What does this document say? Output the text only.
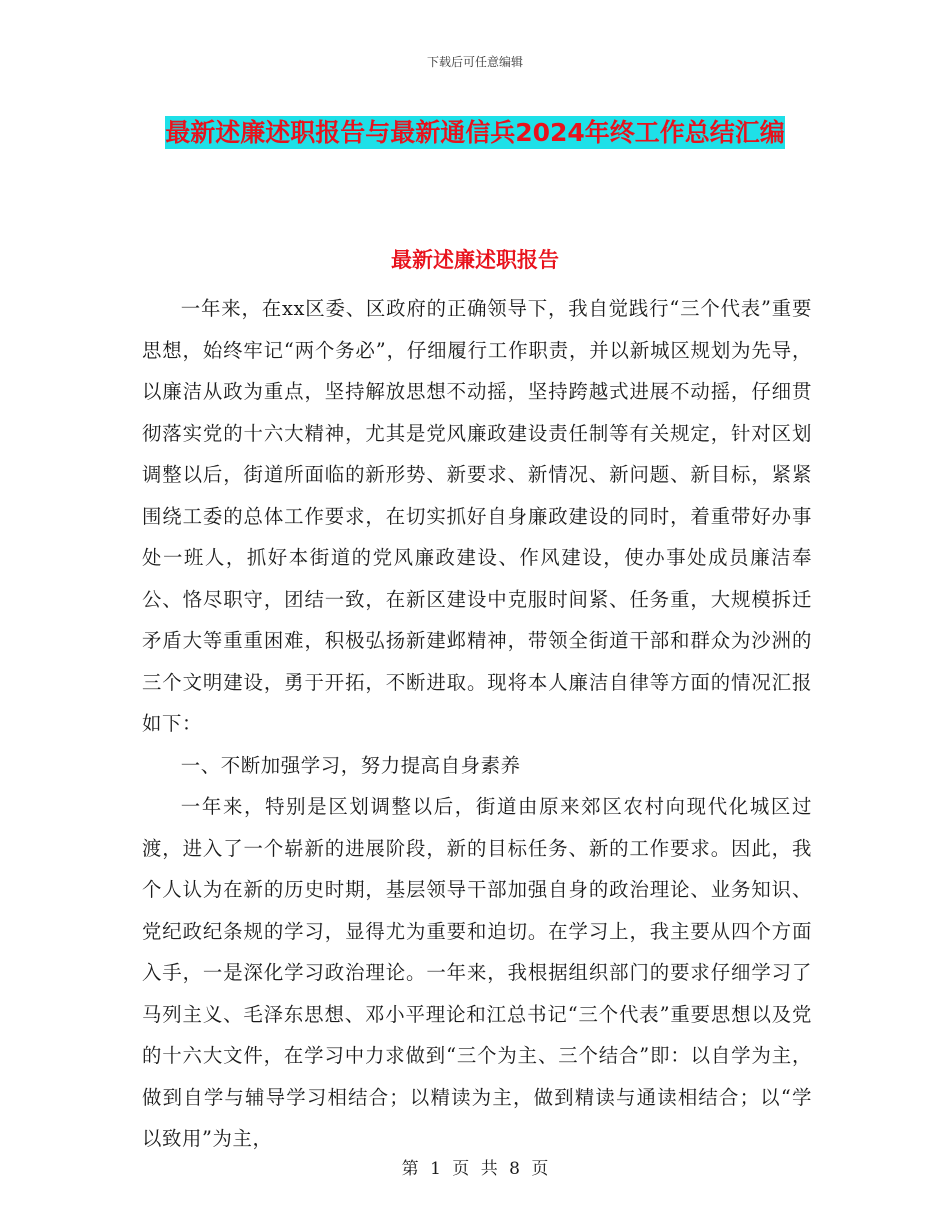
下载后可任意编辑
最新述廉述职报告与最新通信兵2024年终工作总结汇编
最新述廉述职报告

一年来，在xx区委、区政府的正确领导下，我自觉践行“三个代表”重要思想，始终牢记“两个务必”，仔细履行工作职责，并以新城区规划为先导，以廉洁从政为重点，坚持解放思想不动摇，坚持跨越式进展不动摇，仔细贯彻落实党的十六大精神，尤其是党风廉政建设责任制等有关规定，针对区划调整以后，街道所面临的新形势、新要求、新情况、新问题、新目标，紧紧围绕工委的总体工作要求，在切实抓好自身廉政建设的同时，着重带好办事处一班人，抓好本街道的党风廉政建设、作风建设，使办事处成员廉洁奉公、恪尽职守，团结一致，在新区建设中克服时间紧、任务重，大规模拆迁矛盾大等重重困难，积极弘扬新建邺精神，带领全街道干部和群众为沙洲的三个文明建设，勇于开拓，不断进取。现将本人廉洁自律等方面的情况汇报如下：

一、不断加强学习，努力提高自身素养

一年来，特别是区划调整以后，街道由原来郊区农村向现代化城区过渡，进入了一个崭新的进展阶段，新的目标任务、新的工作要求。因此，我个人认为在新的历史时期，基层领导干部加强自身的政治理论、业务知识、党纪政纪条规的学习，显得尤为重要和迫切。在学习上，我主要从四个方面入手，一是深化学习政治理论。一年来，我根据组织部门的要求仔细学习了马列主义、毛泽东思想、邓小平理论和江总书记“三个代表”重要思想以及党的十六大文件，在学习中力求做到“三个为主、三个结合”即：以自学为主，做到自学与辅导学习相结合；以精读为主，做到精读与通读相结合；以“学以致用”为主，

第 1 页 共 8 页
